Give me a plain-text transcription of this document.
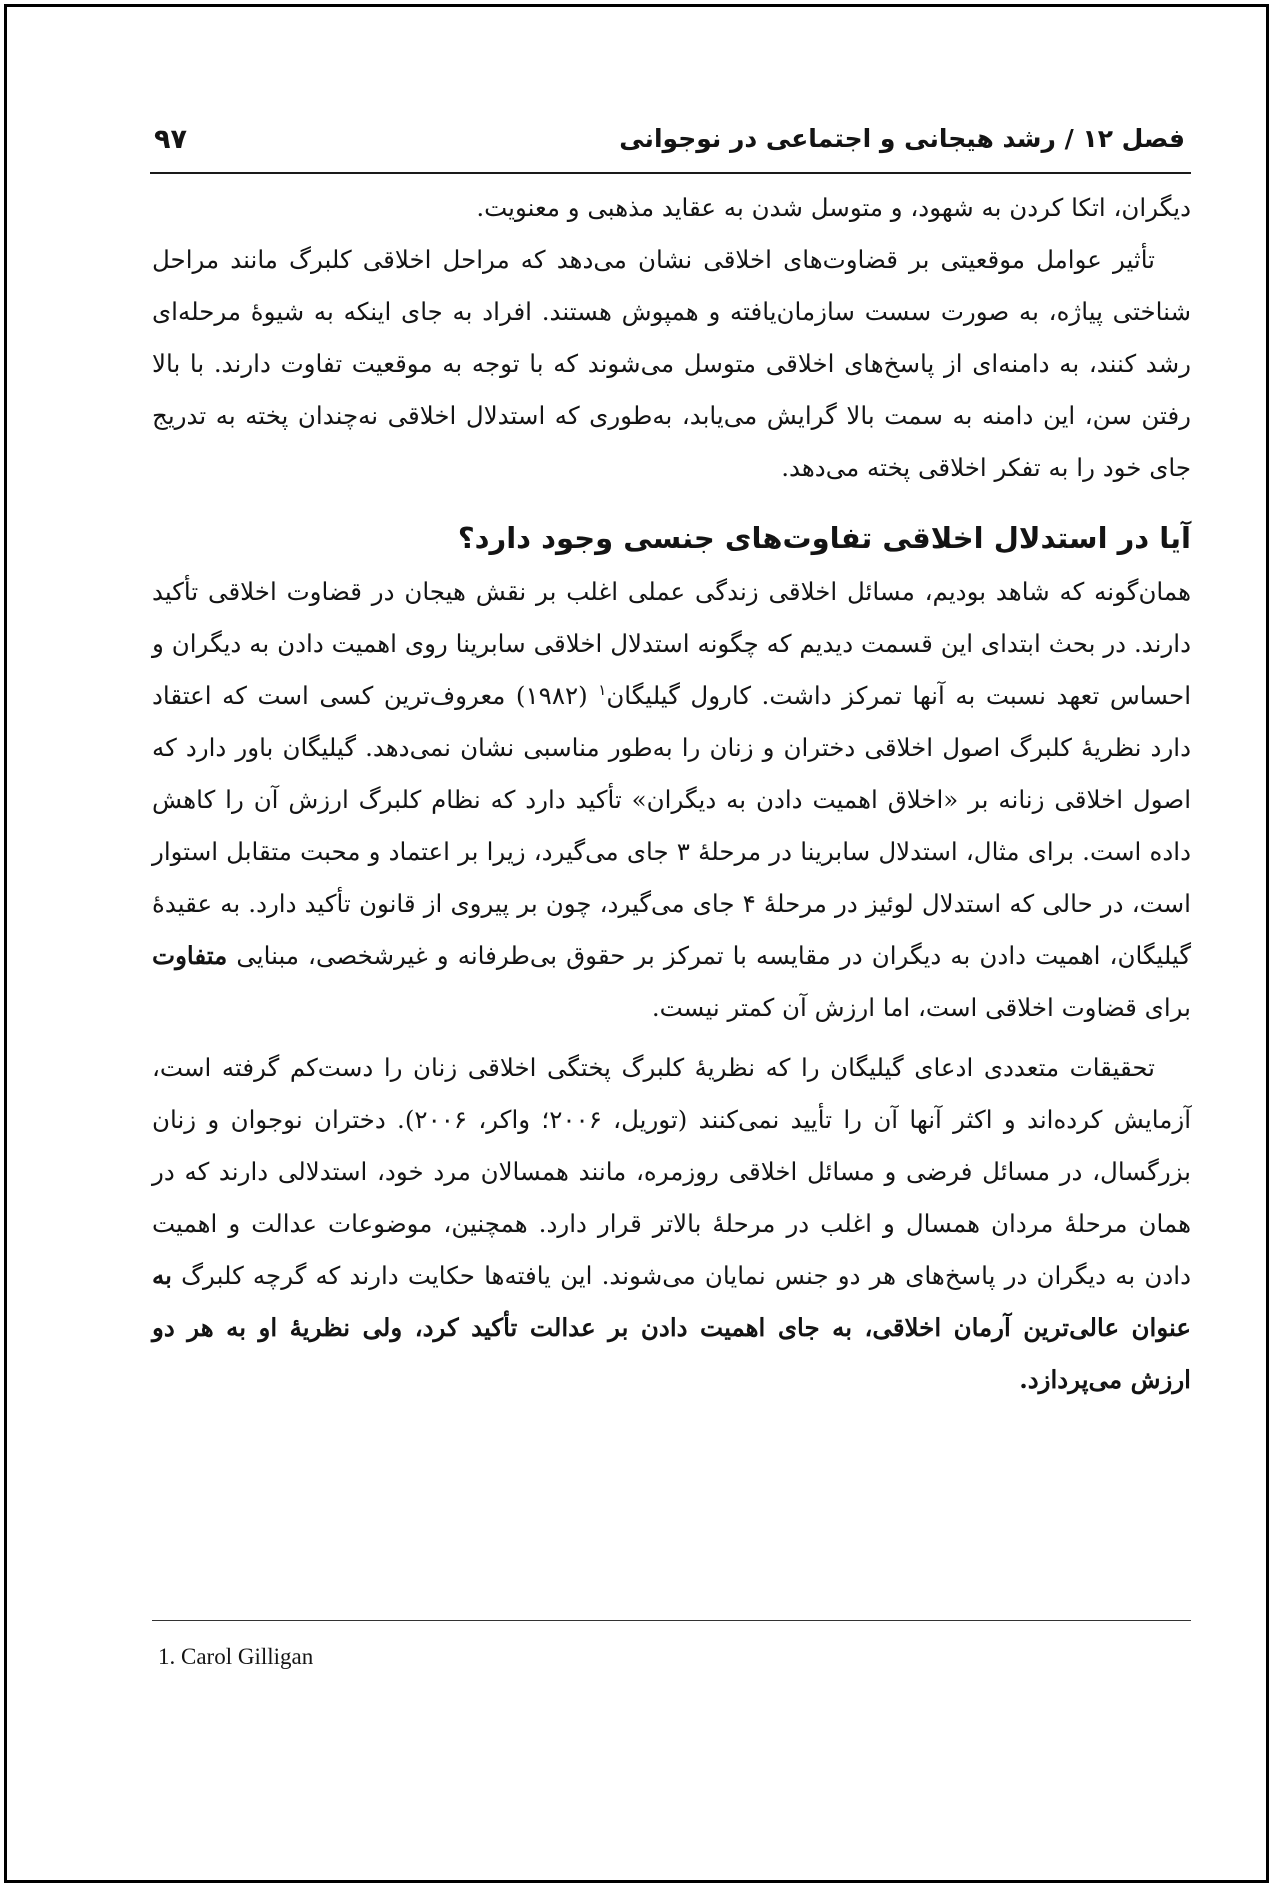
فصل ۱۲ / رشد هیجانی و اجتماعی در نوجوانی
۹۷

دیگران، اتکا کردن به شهود، و متوسل شدن به عقاید مذهبی و معنویت.

تأثیر عوامل موقعیتی بر قضاوت‌های اخلاقی نشان می‌دهد که مراحل اخلاقی کلبرگ مانند مراحل شناختی پیاژه، به صورت سست سازمان‌یافته و همپوش هستند. افراد به جای اینکه به شیوهٔ مرحله‌ای رشد کنند، به دامنه‌ای از پاسخ‌های اخلاقی متوسل می‌شوند که با توجه به موقعیت تفاوت دارند. با بالا رفتن سن، این دامنه به سمت بالا گرایش می‌یابد، به‌طوری که استدلال اخلاقی نه‌چندان پخته به تدریج جای خود را به تفکر اخلاقی پخته می‌دهد.

آیا در استدلال اخلاقی تفاوت‌های جنسی وجود دارد؟

همان‌گونه که شاهد بودیم، مسائل اخلاقی زندگی عملی اغلب بر نقش هیجان در قضاوت اخلاقی تأکید دارند. در بحث ابتدای این قسمت دیدیم که چگونه استدلال اخلاقی سابرینا روی اهمیت دادن به دیگران و احساس تعهد نسبت به آنها تمرکز داشت. کارول گیلیگان$^۱$ (۱۹۸۲) معروف‌ترین کسی است که اعتقاد دارد نظریهٔ کلبرگ اصول اخلاقی دختران و زنان را به‌طور مناسبی نشان نمی‌دهد. گیلیگان باور دارد که اصول اخلاقی زنانه بر «اخلاق اهمیت دادن به دیگران» تأکید دارد که نظام کلبرگ ارزش آن را کاهش داده است. برای مثال، استدلال سابرینا در مرحلهٔ ۳ جای می‌گیرد، زیرا بر اعتماد و محبت متقابل استوار است، در حالی که استدلال لوئیز در مرحلهٔ ۴ جای می‌گیرد، چون بر پیروی از قانون تأکید دارد. به عقیدهٔ گیلیگان، اهمیت دادن به دیگران در مقایسه با تمرکز بر حقوق بی‌طرفانه و غیرشخصی، مبنایی متفاوت برای قضاوت اخلاقی است، اما ارزش آن کمتر نیست.

تحقیقات متعددی ادعای گیلیگان را که نظریهٔ کلبرگ پختگی اخلاقی زنان را دست‌کم گرفته است، آزمایش کرده‌اند و اکثر آنها آن را تأیید نمی‌کنند (توریل، ۲۰۰۶؛ واکر، ۲۰۰۶). دختران نوجوان و زنان بزرگسال، در مسائل فرضی و مسائل اخلاقی روزمره، مانند همسالان مرد خود، استدلالی دارند که در همان مرحلهٔ مردان همسال و اغلب در مرحلهٔ بالاتر قرار دارد. همچنین، موضوعات عدالت و اهمیت دادن به دیگران در پاسخ‌های هر دو جنس نمایان می‌شوند. این یافته‌ها حکایت دارند که گرچه کلبرگ به عنوان عالی‌ترین آرمان اخلاقی، به جای اهمیت دادن بر عدالت تأکید کرد، ولی نظریهٔ او به هر دو ارزش می‌پردازد.

1. Carol Gilligan
